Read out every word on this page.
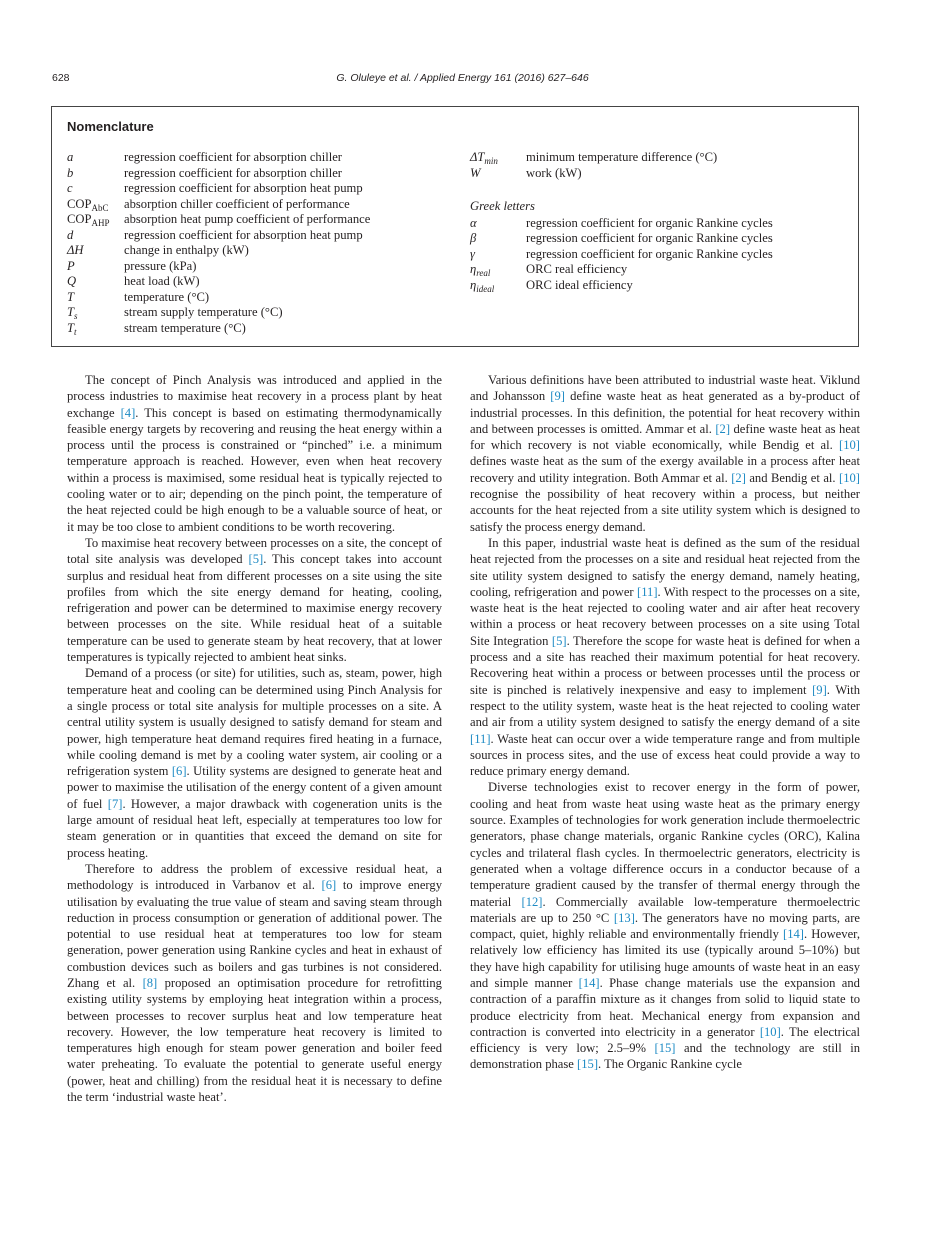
628	G. Oluleye et al. / Applied Energy 161 (2016) 627–646
Nomenclature
a	regression coefficient for absorption chiller
b	regression coefficient for absorption chiller
c	regression coefficient for absorption heat pump
$COP_{AbC}$	absorption chiller coefficient of performance
$COP_{AHP}$	absorption heat pump coefficient of performance
d	regression coefficient for absorption heat pump
ΔH	change in enthalpy (kW)
P	pressure (kPa)
Q	heat load (kW)
T	temperature (°C)
$T_s$	stream supply temperature (°C)
$T_t$	stream temperature (°C)
$\Delta T_{min}$	minimum temperature difference (°C)
W	work (kW)
Greek letters
α	regression coefficient for organic Rankine cycles
β	regression coefficient for organic Rankine cycles
γ	regression coefficient for organic Rankine cycles
$\eta_{real}$	ORC real efficiency
$\eta_{ideal}$	ORC ideal efficiency

The concept of Pinch Analysis was introduced and applied in the process industries to maximise heat recovery in a process plant by heat exchange [4]. This concept is based on estimating thermodynamically feasible energy targets by recovering and reusing the heat energy within a process until the process is constrained or “pinched” i.e. a minimum temperature approach is reached. However, even when heat recovery within a process is maximised, some residual heat is typically rejected to cooling water or to air; depending on the pinch point, the temperature of the heat rejected could be high enough to be a valuable source of heat, or it may be too close to ambient conditions to be worth recovering.

To maximise heat recovery between processes on a site, the concept of total site analysis was developed [5]. This concept takes into account surplus and residual heat from different processes on a site using the site profiles from which the site energy demand for heating, cooling, refrigeration and power can be determined to maximise energy recovery between processes on the site. While residual heat of a suitable temperature can be used to generate steam by heat recovery, that at lower temperatures is typically rejected to ambient heat sinks.

Demand of a process (or site) for utilities, such as, steam, power, high temperature heat and cooling can be determined using Pinch Analysis for a single process or total site analysis for multiple processes on a site. A central utility system is usually designed to satisfy demand for steam and power, high temperature heat demand requires fired heating in a furnace, while cooling demand is met by a cooling water system, air cooling or a refrigeration system [6]. Utility systems are designed to generate heat and power to maximise the utilisation of the energy content of a given amount of fuel [7]. However, a major drawback with cogeneration units is the large amount of residual heat left, especially at temperatures too low for steam generation or in quantities that exceed the demand on site for process heating.

Therefore to address the problem of excessive residual heat, a methodology is introduced in Varbanov et al. [6] to improve energy utilisation by evaluating the true value of steam and saving steam through reduction in process consumption or generation of additional power. The potential to use residual heat at temperatures too low for steam generation, power generation using Rankine cycles and heat in exhaust of combustion devices such as boilers and gas turbines is not considered. Zhang et al. [8] proposed an optimisation procedure for retrofitting existing utility systems by employing heat integration within a process, between processes to recover surplus heat and low temperature heat recovery. However, the low temperature heat recovery is limited to temperatures high enough for steam power generation and boiler feed water preheating. To evaluate the potential to generate useful energy (power, heat and chilling) from the residual heat it is necessary to define the term ‘industrial waste heat’.

Various definitions have been attributed to industrial waste heat. Viklund and Johansson [9] define waste heat as heat generated as a by-product of industrial processes. In this definition, the potential for heat recovery within and between processes is omitted. Ammar et al. [2] define waste heat as heat for which recovery is not viable economically, while Bendig et al. [10] defines waste heat as the sum of the exergy available in a process after heat recovery and utility integration. Both Ammar et al. [2] and Bendig et al. [10] recognise the possibility of heat recovery within a process, but neither accounts for the heat rejected from a site utility system which is designed to satisfy the process energy demand.

In this paper, industrial waste heat is defined as the sum of the residual heat rejected from the processes on a site and residual heat rejected from the site utility system designed to satisfy the energy demand, namely heating, cooling, refrigeration and power [11]. With respect to the processes on a site, waste heat is the heat rejected to cooling water and air after heat recovery within a process or heat recovery between processes on a site using Total Site Integration [5]. Therefore the scope for waste heat is defined for when a process and a site has reached their maximum potential for heat recovery. Recovering heat within a process or between processes until the process or site is pinched is relatively inexpensive and easy to implement [9]. With respect to the utility system, waste heat is the heat rejected to cooling water and air from a utility system designed to satisfy the energy demand of a site [11]. Waste heat can occur over a wide temperature range and from multiple sources in process sites, and the use of excess heat could provide a way to reduce primary energy demand.

Diverse technologies exist to recover energy in the form of power, cooling and heat from waste heat using waste heat as the primary energy source. Examples of technologies for work generation include thermoelectric generators, phase change materials, organic Rankine cycles (ORC), Kalina cycles and trilateral flash cycles. In thermoelectric generators, electricity is generated when a voltage difference occurs in a conductor because of a temperature gradient caused by the transfer of thermal energy through the material [12]. Commercially available low-temperature thermoelectric materials are up to 250 °C [13]. The generators have no moving parts, are compact, quiet, highly reliable and environmentally friendly [14]. However, relatively low efficiency has limited its use (typically around 5–10%) but they have high capability for utilising huge amounts of waste heat in an easy and simple manner [14]. Phase change materials use the expansion and contraction of a paraffin mixture as it changes from solid to liquid state to produce electricity from heat. Mechanical energy from expansion and contraction is converted into electricity in a generator [10]. The electrical efficiency is very low; 2.5–9% [15] and the technology are still in demonstration phase [15]. The Organic Rankine cycle
